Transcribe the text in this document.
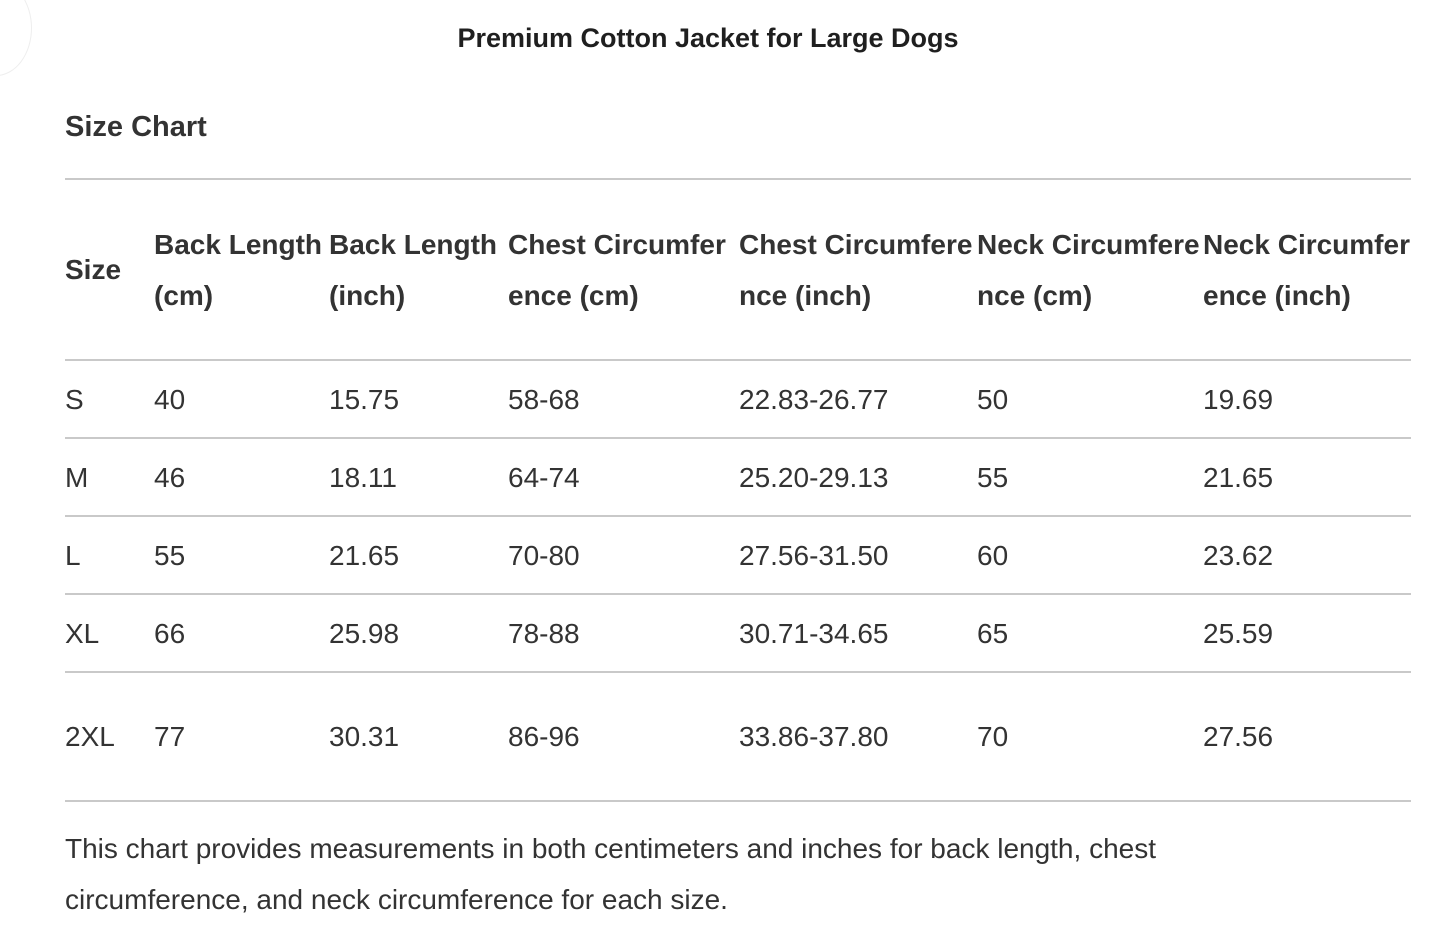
Premium Cotton Jacket for Large Dogs
Size Chart
Size	Back Length (cm)	Back Length (inch)	Chest Circumference (cm)	Chest Circumference (inch)	Neck Circumference (cm)	Neck Circumference (inch)
S	40	15.75	58-68	22.83-26.77	50	19.69
M	46	18.11	64-74	25.20-29.13	55	21.65
L	55	21.65	70-80	27.56-31.50	60	23.62
XL	66	25.98	78-88	30.71-34.65	65	25.59
2XL	77	30.31	86-96	33.86-37.80	70	27.56

This chart provides measurements in both centimeters and inches for back length, chest circumference, and neck circumference for each size.
